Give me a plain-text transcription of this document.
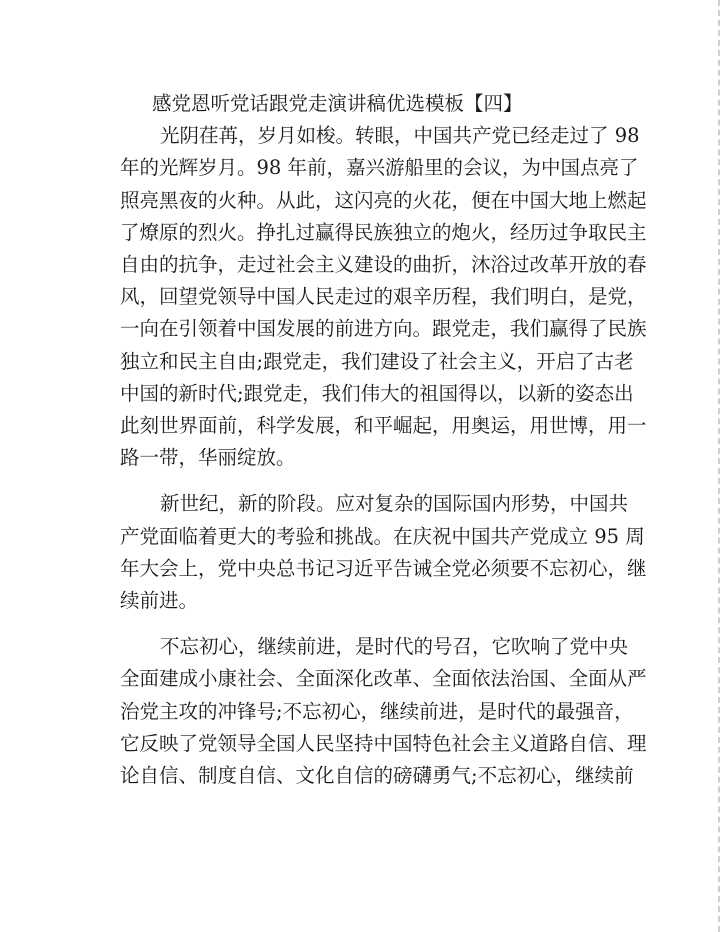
感党恩听党话跟党走演讲稿优选模板【四】
光阴荏苒，岁月如梭。转眼，中国共产党已经走过了 98
年的光辉岁月。98 年前，嘉兴游船里的会议，为中国点亮了
照亮黑夜的火种。从此，这闪亮的火花，便在中国大地上燃起
了燎原的烈火。挣扎过赢得民族独立的炮火，经历过争取民主
自由的抗争，走过社会主义建设的曲折，沐浴过改革开放的春
风，回望党领导中国人民走过的艰辛历程，我们明白，是党，
一向在引领着中国发展的前进方向。跟党走，我们赢得了民族
独立和民主自由;跟党走，我们建设了社会主义，开启了古老
中国的新时代;跟党走，我们伟大的祖国得以，以新的姿态出
此刻世界面前，科学发展，和平崛起，用奥运，用世博，用一
路一带，华丽绽放。
新世纪，新的阶段。应对复杂的国际国内形势，中国共
产党面临着更大的考验和挑战。在庆祝中国共产党成立 95 周
年大会上，党中央总书记习近平告诫全党必须要不忘初心，继
续前进。
不忘初心，继续前进，是时代的号召，它吹响了党中央
全面建成小康社会、全面深化改革、全面依法治国、全面从严
治党主攻的冲锋号;不忘初心，继续前进，是时代的最强音，
它反映了党领导全国人民坚持中国特色社会主义道路自信、理
论自信、制度自信、文化自信的磅礴勇气;不忘初心，继续前
